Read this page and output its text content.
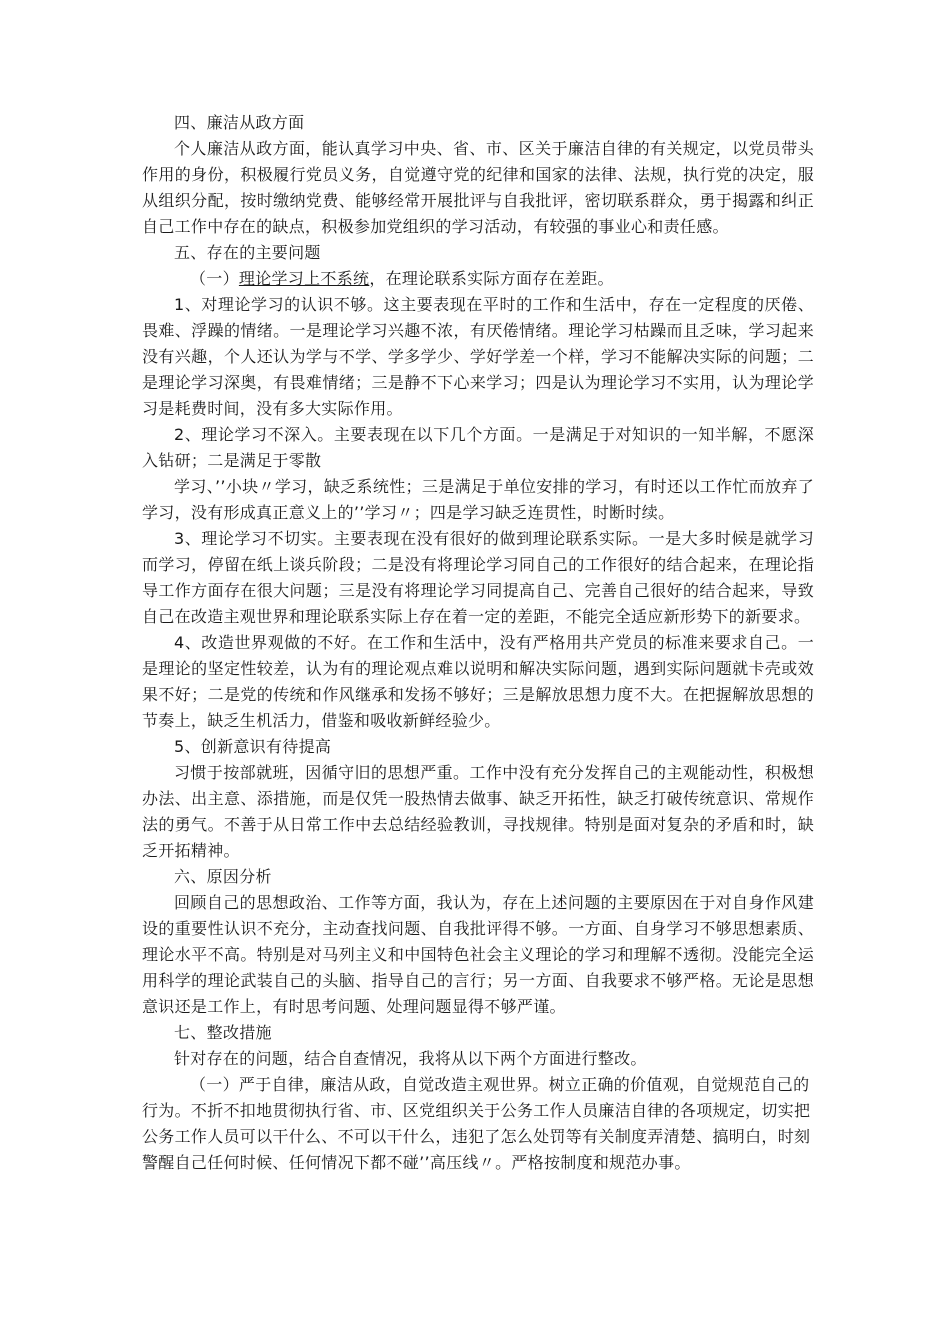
四、廉洁从政方面

个人廉洁从政方面，能认真学习中央、省、市、区关于廉洁自律的有关规定，以党员带头作用的身份，积极履行党员义务，自觉遵守党的纪律和国家的法律、法规，执行党的决定，服从组织分配，按时缴纳党费、能够经常开展批评与自我批评，密切联系群众，勇于揭露和纠正自己工作中存在的缺点，积极参加党组织的学习活动，有较强的事业心和责任感。

五、存在的主要问题

（一）理论学习上不系统，在理论联系实际方面存在差距。

1、对理论学习的认识不够。这主要表现在平时的工作和生活中，存在一定程度的厌倦、畏难、浮躁的情绪。一是理论学习兴趣不浓，有厌倦情绪。理论学习枯躁而且乏味，学习起来没有兴趣，个人还认为学与不学、学多学少、学好学差一个样，学习不能解决实际的问题；二是理论学习深奥，有畏难情绪；三是静不下心来学习；四是认为理论学习不实用，认为理论学习是耗费时间，没有多大实际作用。

2、理论学习不深入。主要表现在以下几个方面。一是满足于对知识的一知半解，不愿深入钻研；二是满足于零散

学习、’’小块〃学习，缺乏系统性；三是满足于单位安排的学习，有时还以工作忙而放弃了学习，没有形成真正意义上的’’学习〃；四是学习缺乏连贯性，时断时续。

3、理论学习不切实。主要表现在没有很好的做到理论联系实际。一是大多时候是就学习而学习，停留在纸上谈兵阶段；二是没有将理论学习同自己的工作很好的结合起来，在理论指导工作方面存在很大问题；三是没有将理论学习同提高自己、完善自己很好的结合起来，导致自己在改造主观世界和理论联系实际上存在着一定的差距，不能完全适应新形势下的新要求。

4、改造世界观做的不好。在工作和生活中，没有严格用共产党员的标准来要求自己。一是理论的坚定性较差，认为有的理论观点难以说明和解决实际问题，遇到实际问题就卡壳或效果不好；二是党的传统和作风继承和发扬不够好；三是解放思想力度不大。在把握解放思想的节奏上，缺乏生机活力，借鉴和吸收新鲜经验少。

5、创新意识有待提高

习惯于按部就班，因循守旧的思想严重。工作中没有充分发挥自己的主观能动性，积极想办法、出主意、添措施，而是仅凭一股热情去做事、缺乏开拓性，缺乏打破传统意识、常规作法的勇气。不善于从日常工作中去总结经验教训，寻找规律。特别是面对复杂的矛盾和时，缺乏开拓精神。

六、原因分析

回顾自己的思想政治、工作等方面，我认为，存在上述问题的主要原因在于对自身作风建设的重要性认识不充分，主动查找问题、自我批评得不够。一方面、自身学习不够思想素质、理论水平不高。特别是对马列主义和中国特色社会主义理论的学习和理解不透彻。没能完全运用科学的理论武装自己的头脑、指导自己的言行；另一方面、自我要求不够严格。无论是思想意识还是工作上，有时思考问题、处理问题显得不够严谨。

七、整改措施

针对存在的问题，结合自查情况，我将从以下两个方面进行整改。

（一）严于自律，廉洁从政，自觉改造主观世界。树立正确的价值观，自觉规范自己的行为。不折不扣地贯彻执行省、市、区党组织关于公务工作人员廉洁自律的各项规定，切实把公务工作人员可以干什么、不可以干什么，违犯了怎么处罚等有关制度弄清楚、搞明白，时刻警醒自己任何时候、任何情况下都不碰’’高压线〃。严格按制度和规范办事。
